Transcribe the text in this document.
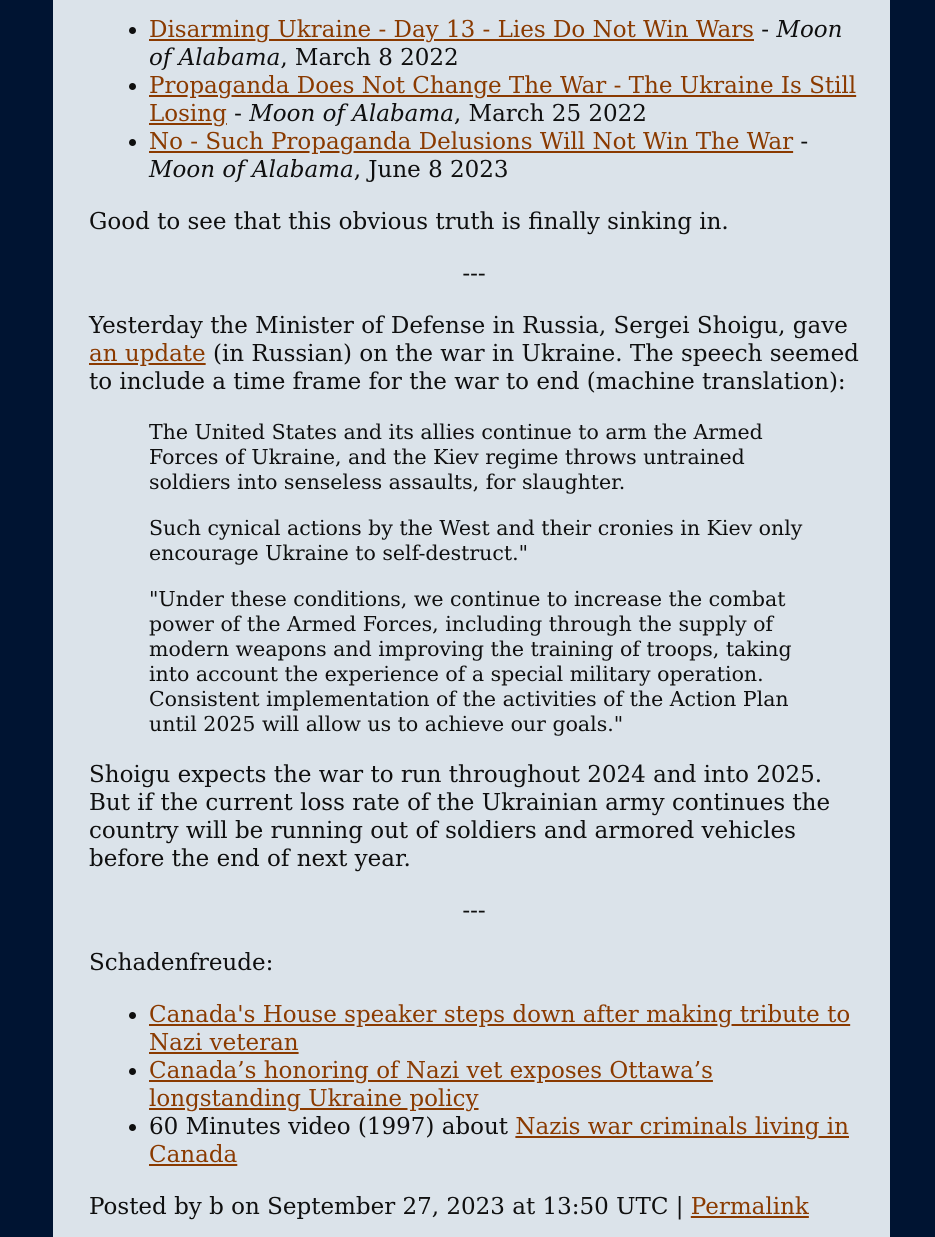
• Disarming Ukraine - Day 13 - Lies Do Not Win Wars - Moon of Alabama, March 8 2022
• Propaganda Does Not Change The War - The Ukraine Is Still Losing - Moon of Alabama, March 25 2022
• No - Such Propaganda Delusions Will Not Win The War - Moon of Alabama, June 8 2023

Good to see that this obvious truth is finally sinking in.

---

Yesterday the Minister of Defense in Russia, Sergei Shoigu, gave an update (in Russian) on the war in Ukraine. The speech seemed to include a time frame for the war to end (machine translation):

The United States and its allies continue to arm the Armed Forces of Ukraine, and the Kiev regime throws untrained soldiers into senseless assaults, for slaughter.

Such cynical actions by the West and their cronies in Kiev only encourage Ukraine to self-destruct."

"Under these conditions, we continue to increase the combat power of the Armed Forces, including through the supply of modern weapons and improving the training of troops, taking into account the experience of a special military operation. Consistent implementation of the activities of the Action Plan until 2025 will allow us to achieve our goals."

Shoigu expects the war to run throughout 2024 and into 2025. But if the current loss rate of the Ukrainian army continues the country will be running out of soldiers and armored vehicles before the end of next year.

---

Schadenfreude:

• Canada's House speaker steps down after making tribute to Nazi veteran
• Canada’s honoring of Nazi vet exposes Ottawa’s longstanding Ukraine policy
• 60 Minutes video (1997) about Nazis war criminals living in Canada

Posted by b on September 27, 2023 at 13:50 UTC | Permalink
